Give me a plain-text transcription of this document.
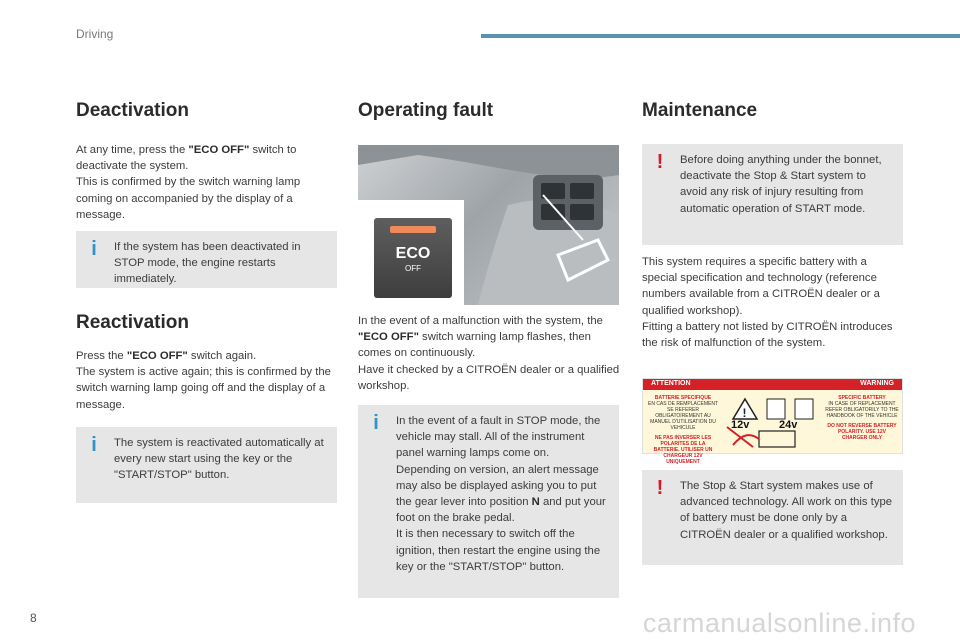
Driving
Deactivation

At any time, press the "ECO OFF" switch to deactivate the system.
This is confirmed by the switch warning lamp coming on accompanied by the display of a message.

i	If the system has been deactivated in STOP mode, the engine restarts immediately.
Reactivation

Press the "ECO OFF" switch again.
The system is active again; this is confirmed by the switch warning lamp going off and the display of a message.

i	The system is reactivated automatically at every new start using the key or the "START/STOP" button.
Operating fault
ECO
OFF

In the event of a malfunction with the system, the "ECO OFF" switch warning lamp flashes, then comes on continuously.
Have it checked by a CITROËN dealer or a qualified workshop.

i	In the event of a fault in STOP mode, the vehicle may stall. All of the instrument panel warning lamps come on.
Depending on version, an alert message may also be displayed asking you to put the gear lever into position N and put your foot on the brake pedal.
It is then necessary to switch off the ignition, then restart the engine using the key or the "START/STOP" button.
Maintenance
!	Before doing anything under the bonnet, deactivate the Stop & Start system to avoid any risk of injury resulting from automatic operation of START mode.

This system requires a specific battery with a special specification and technology (reference numbers available from a CITROËN dealer or a qualified workshop).
Fitting a battery not listed by CITROËN introduces the risk of malfunction of the system.

ATTENTION	WARNING
BATTERIE SPECIFIQUE
EN CAS DE REMPLACEMENT SE REFERER OBLIGATOIREMENT AU MANUEL D'UTILISATION DU VEHICULE
NE PAS INVERSER LES POLARITES DE LA BATTERIE. UTILISER UN CHARGEUR 12V UNIQUEMENT
!
12v	24v
SPECIFIC BATTERY
IN CASE OF REPLACEMENT REFER OBLIGATORILY TO THE HANDBOOK OF THE VEHICLE
DO NOT REVERSE BATTERY POLARITY. USE 12V CHARGER ONLY
!	The Stop & Start system makes use of advanced technology. All work on this type of battery must be done only by a CITROËN dealer or a qualified workshop.
8	carmanualsonline.info
